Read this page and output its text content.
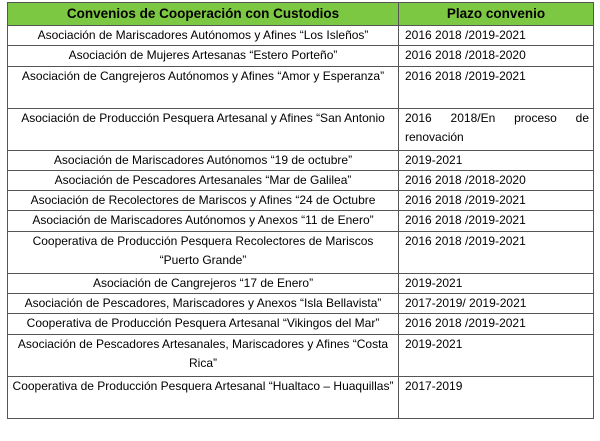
Convenios de Cooperación con Custodios	Plazo convenio
Asociación de Mariscadores Autónomos y Afines “Los Isleños”	2016 2018 /2019-2021
Asociación de Mujeres Artesanas “Estero Porteño”	2016 2018 /2018-2020
Asociación de Cangrejeros Autónomos y Afines “Amor y Esperanza”	2016 2018 /2019-2021
Asociación de Producción Pesquera Artesanal y Afines “San Antonio	2016 2018/En proceso de
renovación

Asociación de Mariscadores Autónomos “19 de octubre”	2019-2021
Asociación de Pescadores Artesanales “Mar de Galilea”	2016 2018 /2018-2020
Asociación de Recolectores de Mariscos y Afines “24 de Octubre	2016 2018 /2019-2021
Asociación de Mariscadores Autónomos y Anexos “11 de Enero”	2016 2018 /2019-2021
Cooperativa de Producción Pesquera Recolectores de Mariscos “Puerto Grande”	2016 2018 /2019-2021
Asociación de Cangrejeros “17 de Enero”	2019-2021
Asociación de Pescadores, Mariscadores y Anexos “Isla Bellavista”	2017-2019/ 2019-2021
Cooperativa de Producción Pesquera Artesanal “Vikingos del Mar”	2016 2018 /2019-2021
Asociación de Pescadores Artesanales, Mariscadores y Afines “Costa Rica”	2019-2021
Cooperativa de Producción Pesquera Artesanal “Hualtaco – Huaquillas”	2017-2019
